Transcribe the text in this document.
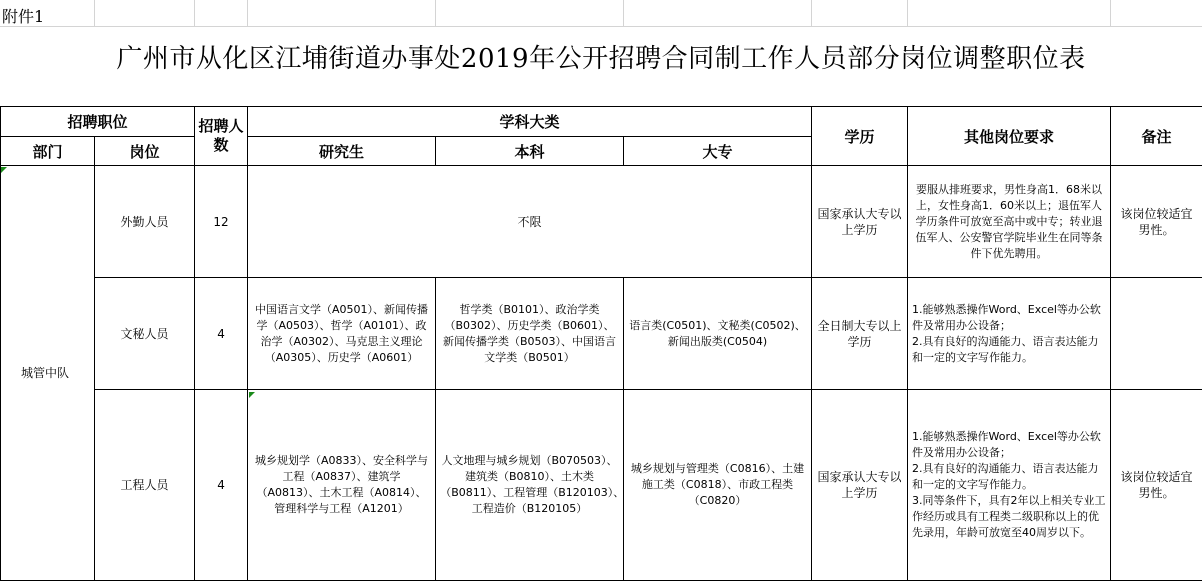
附件1
广州市从化区江埔街道办事处2019年公开招聘合同制工作人员部分岗位调整职位表
招聘职位		招聘人数	学科大类			学历	其他岗位要求	备注
部门	岗位		研究生	本科	大专			
城管中队	外勤人员	12	不限			国家承认大专以上学历	要服从排班要求，男性身高1．68米以上，女性身高1．60米以上；退伍军人学历条件可放宽至高中或中专；转业退伍军人、公安警官学院毕业生在同等条件下优先聘用。	该岗位较适宜男性。
	文秘人员	4	中国语言文学（A0501）、新闻传播学（A0503）、哲学（A0101）、政治学（A0302）、马克思主义理论（A0305）、历史学（A0601）	哲学类（B0101）、政治学类（B0302）、历史学类（B0601）、新闻传播学类（B0503）、中国语言文学类（B0501）	语言类(C0501)、文秘类(C0502)、新闻出版类(C0504)	全日制大专以上学历	1.能够熟悉操作Word、Excel等办公软件及常用办公设备；
2.具有良好的沟通能力、语言表达能力和一定的文字写作能力。	

	工程人员	4	城乡规划学（A0833）、安全科学与工程（A0837）、建筑学（A0813）、土木工程（A0814）、管理科学与工程（A1201）	人文地理与城乡规划（B070503）、建筑类（B0810）、土木类（B0811）、工程管理（B120103）、　工程造价（B120105）	城乡规划与管理类（C0816）、土建施工类（C0818）、市政工程类（C0820）	国家承认大专以上学历	1.能够熟悉操作Word、Excel等办公软件及常用办公设备；
2.具有良好的沟通能力、语言表达能力和一定的文字写作能力。
3.同等条件下，具有2年以上相关专业工作经历或具有工程类二级职称以上的优先录用，年龄可放宽至40周岁以下。	该岗位较适宜男性。
